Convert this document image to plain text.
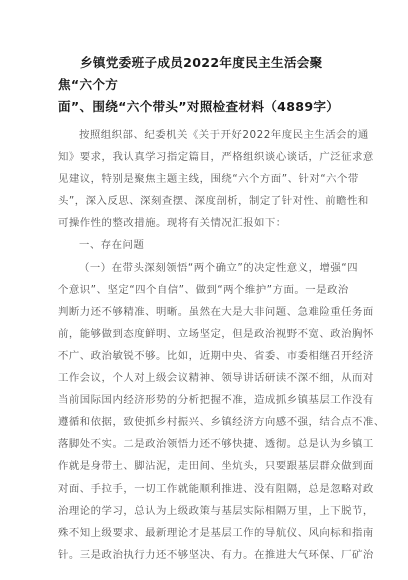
乡镇党委班子成员2022年度民主生活会聚焦“六个方
面”、围绕“六个带头”对照检查材料（4889字）
按照组织部、纪委机关《关于开好2022年度民主生活会的通
知》要求，我认真学习指定篇目，严格组织谈心谈话，广泛征求意
见建议，特别是聚焦主题主线，围绕“六个方面”、针对“六个带
头”，深入反思、深刻查摆、深度剖析，制定了针对性、前瞻性和
可操作性的整改措施。现将有关情况汇报如下：
一、存在问题
（一）在带头深刻领悟“两个确立”的决定性意义，增强“四
个意识”、坚定“四个自信”、做到“两个维护”方面。一是政治
判断力还不够精准、明晰。虽然在大是大非问题、急难险重任务面
前，能够做到态度鲜明、立场坚定，但是政治视野不宽、政治胸怀
不广、政治敏锐不够。比如，近期中央、省委、市委相继召开经济
工作会议，个人对上级会议精神、领导讲话研读不深不细，从而对
当前国际国内经济形势的分析把握不准，造成抓乡镇基层工作没有
遵循和依据，致使抓乡村振兴、乡镇经济方向感不强，结合点不准、
落脚处不实。二是政治领悟力还不够快捷、透彻。总是认为乡镇工
作就是身带土、脚沾泥，走田间、坐炕头，只要跟基层群众做到面
对面、手拉手，一切工作就能顺利推进、没有阻隔，总是忽略对政
治理论的学习，总认为上级政策与基层实际相隔万里，上下脱节，
殊不知上级要求、最新理论才是基层工作的导航仪、风向标和指南
针。三是政治执行力还不够坚决、有力。在推进大气环保、厂矿治
